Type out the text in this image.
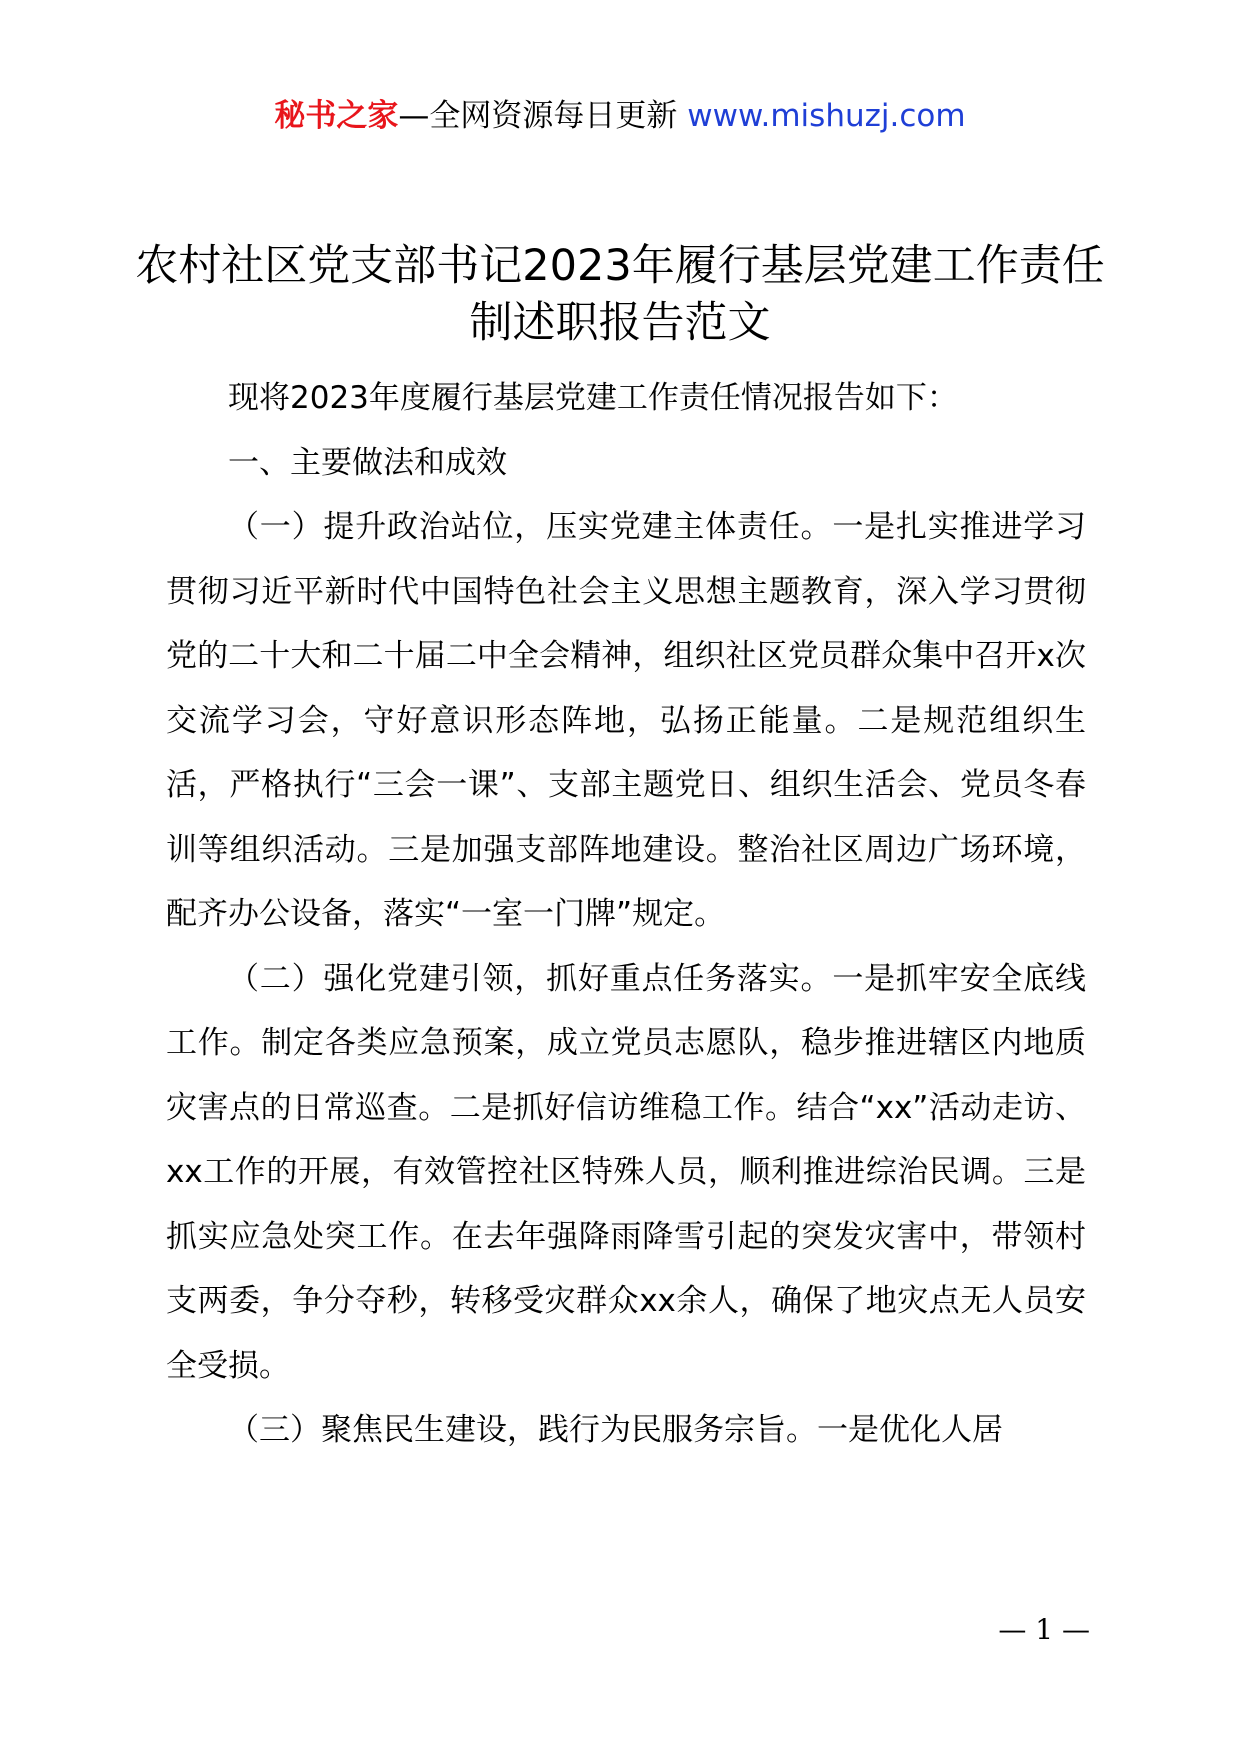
秘书之家—全网资源每日更新 www.mishuzj.com
农村社区党支部书记2023年履行基层党建工作责任制述职报告范文

现将2023年度履行基层党建工作责任情况报告如下：

一、主要做法和成效

（一）提升政治站位，压实党建主体责任。一是扎实推进学习贯彻习近平新时代中国特色社会主义思想主题教育，深入学习贯彻党的二十大和二十届二中全会精神，组织社区党员群众集中召开x次交流学习会，守好意识形态阵地，弘扬正能量。二是规范组织生活，严格执行“三会一课”、支部主题党日、组织生活会、党员冬春训等组织活动。三是加强支部阵地建设。整治社区周边广场环境，配齐办公设备，落实“一室一门牌”规定。

（二）强化党建引领，抓好重点任务落实。一是抓牢安全底线工作。制定各类应急预案，成立党员志愿队，稳步推进辖区内地质灾害点的日常巡查。二是抓好信访维稳工作。结合“xx”活动走访、xx工作的开展，有效管控社区特殊人员，顺利推进综治民调。三是抓实应急处突工作。在去年强降雨降雪引起的突发灾害中，带领村支两委，争分夺秒，转移受灾群众xx余人，确保了地灾点无人员安全受损。

（三）聚焦民生建设，践行为民服务宗旨。一是优化人居

— 1 —
